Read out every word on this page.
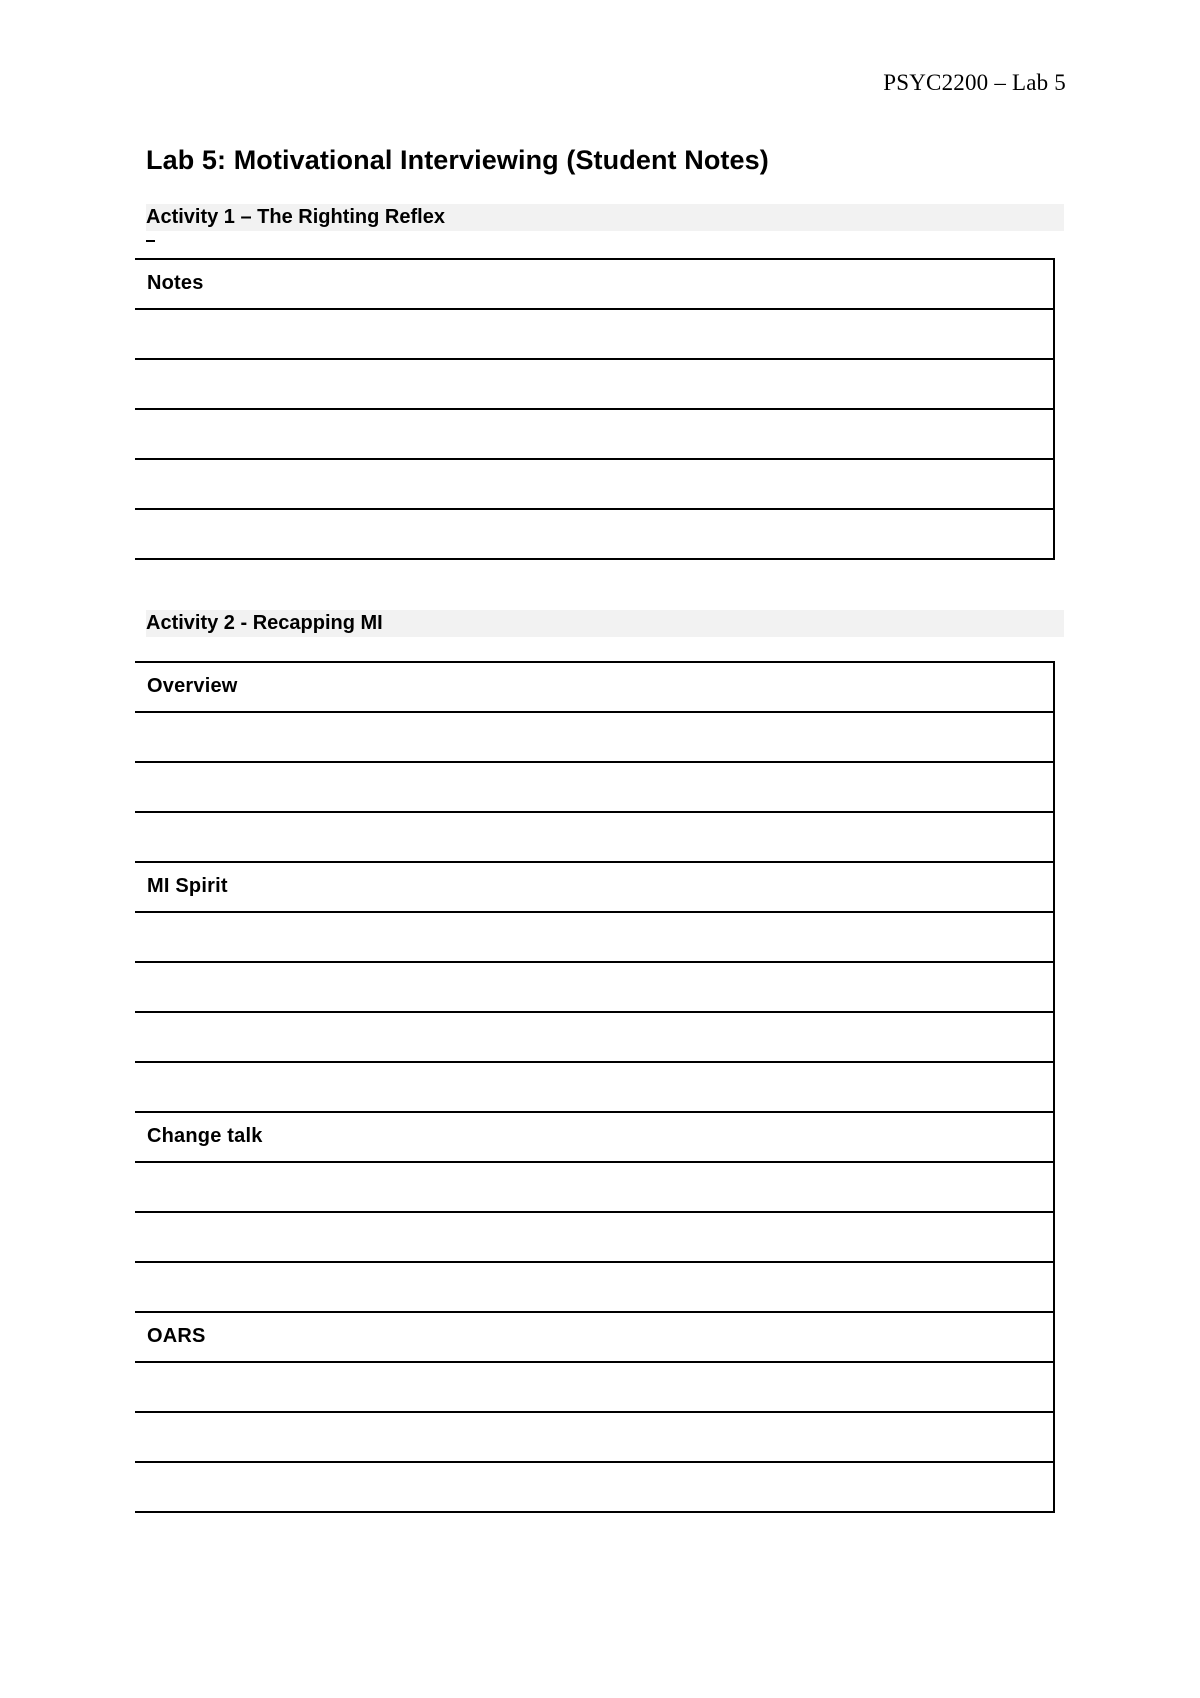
PSYC2200 – Lab 5
Lab 5: Motivational Interviewing (Student Notes)
Activity 1 – The Righting Reflex
Notes
Activity 2 - Recapping MI
Overview
MI Spirit
Change talk
OARS
